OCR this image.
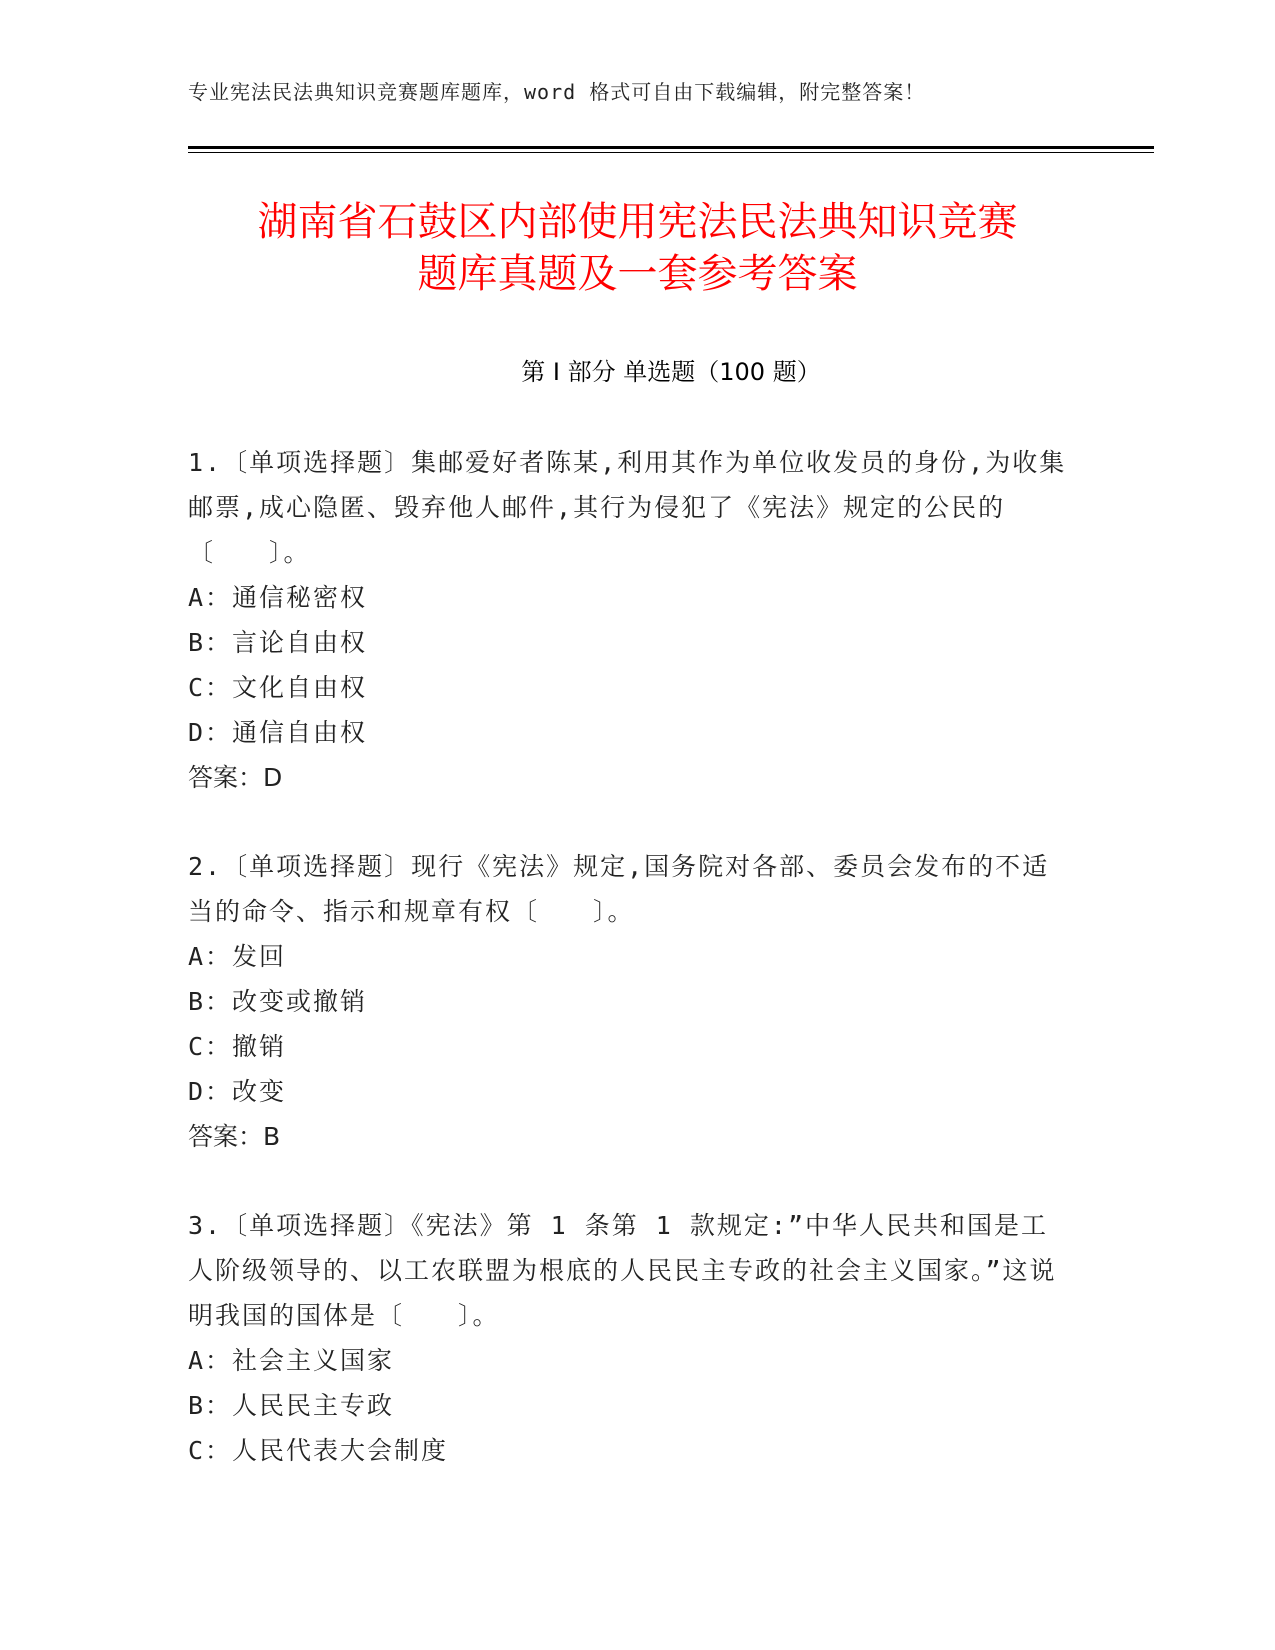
专业宪法民法典知识竞赛题库题库，word 格式可自由下载编辑，附完整答案！
湖南省石鼓区内部使用宪法民法典知识竞赛
题库真题及一套参考答案
第 I 部分 单选题（100 题）

1.〔单项选择题〕集邮爱好者陈某,利用其作为单位收发员的身份,为收集邮票,成心隐匿、毁弃他人邮件,其行为侵犯了《宪法》规定的公民的〔　　〕。

A：通信秘密权

B：言论自由权

C：文化自由权

D：通信自由权

答案：D

2.〔单项选择题〕现行《宪法》规定,国务院对各部、委员会发布的不适当的命令、指示和规章有权〔　　〕。

A：发回

B：改变或撤销

C：撤销

D：改变

答案：B

3.〔单项选择题〕《宪法》第 1 条第 1 款规定:”中华人民共和国是工人阶级领导的、以工农联盟为根底的人民民主专政的社会主义国家。”这说明我国的国体是〔　　〕。

A：社会主义国家

B：人民民主专政

C：人民代表大会制度
